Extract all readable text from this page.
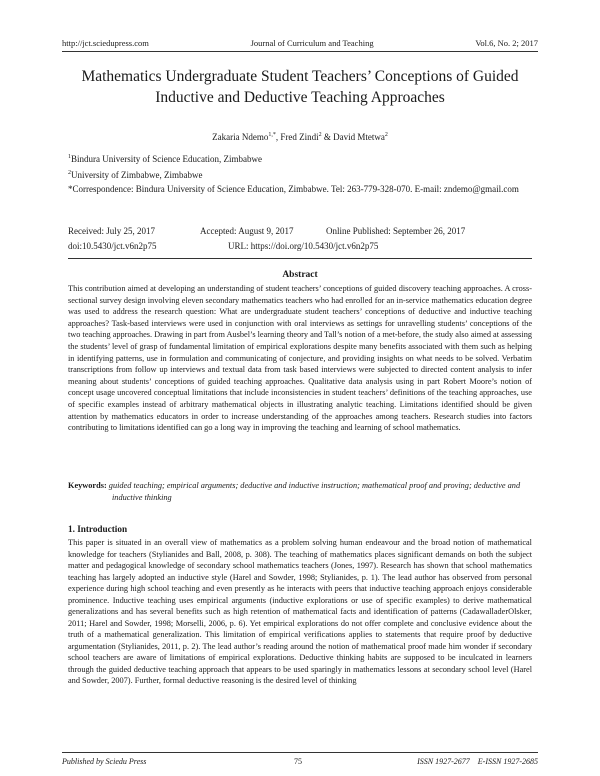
http://jct.sciedupress.com	Journal of Curriculum and Teaching	Vol.6, No. 2; 2017
Mathematics Undergraduate Student Teachers’ Conceptions of Guided Inductive and Deductive Teaching Approaches
Zakaria Ndemo$^{1,*}$, Fred Zindi$^2$ & David Mtetwa$^2$
$^1$Bindura University of Science Education, Zimbabwe
$^2$University of Zimbabwe, Zimbabwe
*Correspondence: Bindura University of Science Education, Zimbabwe. Tel: 263-779-328-070. E-mail: zndemo@gmail.com
Received: July 25, 2017	Accepted: August 9, 2017	Online Published: September 26, 2017
doi:10.5430/jct.v6n2p75	URL: https://doi.org/10.5430/jct.v6n2p75
Abstract

This contribution aimed at developing an understanding of student teachers’ conceptions of guided discovery teaching approaches. A cross-sectional survey design involving eleven secondary mathematics teachers who had enrolled for an in-service mathematics education degree was used to address the research question: What are undergraduate student teachers’ conceptions of deductive and inductive teaching approaches? Task-based interviews were used in conjunction with oral interviews as settings for unravelling students’ conceptions of the two teaching approaches. Drawing in part from Ausbel’s learning theory and Tall’s notion of a met-before, the study also aimed at assessing the students’ level of grasp of fundamental limitation of empirical explorations despite many benefits associated with them such as helping in identifying patterns, use in formulation and communicating of conjecture, and providing insights on what needs to be solved. Verbatim transcriptions from follow up interviews and textual data from task based interviews were subjected to directed content analysis to infer meaning about students’ conceptions of guided teaching approaches. Qualitative data analysis using in part Robert Moore’s notion of concept usage uncovered conceptual limitations that include inconsistencies in student teachers’ definitions of the teaching approaches, use of specific examples instead of arbitrary mathematical objects in illustrating analytic teaching. Limitations identified should be given attention by mathematics educators in order to increase understanding of the approaches among teachers. Research studies into factors contributing to limitations identified can go a long way in improving the teaching and learning of school mathematics.

Keywords: guided teaching; empirical arguments; deductive and inductive instruction; mathematical proof and proving; deductive and inductive thinking
1. Introduction

This paper is situated in an overall view of mathematics as a problem solving human endeavour and the broad notion of mathematical knowledge for teachers (Stylianides and Ball, 2008, p. 308). The teaching of mathematics places significant demands on both the subject matter and pedagogical knowledge of secondary school mathematics teachers (Jones, 1997). Research has shown that school mathematics teaching has largely adopted an inductive style (Harel and Sowder, 1998; Stylianides, p. 1). The lead author has observed from personal experience during high school teaching and even presently as he interacts with peers that inductive teaching approach enjoys considerable prominence. Inductive teaching uses empirical arguments (inductive explorations or use of specific examples) to derive mathematical generalizations and has several benefits such as high retention of mathematical facts and identification of patterns (CadawalladerOlsker, 2011; Harel and Sowder, 1998; Morselli, 2006, p. 6). Yet empirical explorations do not offer complete and conclusive evidence about the truth of a mathematical generalization. This limitation of empirical verifications applies to statements that require proof by deductive argumentation (Stylianides, 2011, p. 2). The lead author’s reading around the notion of mathematical proof made him wonder if secondary school teachers are aware of limitations of empirical explorations. Deductive thinking habits are supposed to be inculcated in learners through the guided deductive teaching approach that appears to be used sparingly in mathematics lessons at secondary school level (Harel and Sowder, 2007). Further, formal deductive reasoning is the desired level of thinking

Published by Sciedu Press	75	ISSN 1927-2677    E-ISSN 1927-2685
